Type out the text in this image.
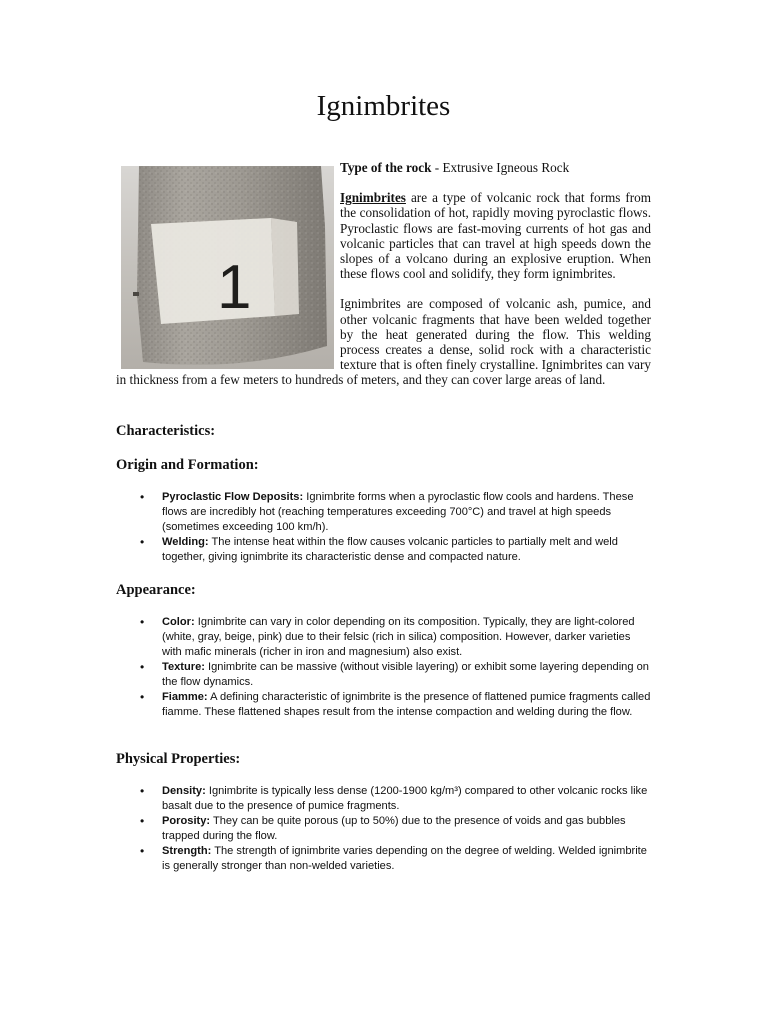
Ignimbrites
1

Type of the rock - Extrusive Igneous Rock

Ignimbrites are a type of volcanic rock that forms from the consolidation of hot, rapidly moving pyroclastic flows. Pyroclastic flows are fast-moving currents of hot gas and volcanic particles that can travel at high speeds down the slopes of a volcano during an explosive eruption. When these flows cool and solidify, they form ignimbrites.

Ignimbrites are composed of volcanic ash, pumice, and other volcanic fragments that have been welded together by the heat generated during the flow. This welding process creates a dense, solid rock with a characteristic texture that is often finely crystalline. Ignimbrites can vary in thickness from a few meters to hundreds of meters, and they can cover large areas of land.

Characteristics:
Origin and Formation:
• Pyroclastic Flow Deposits: Ignimbrite forms when a pyroclastic flow cools and hardens. These flows are incredibly hot (reaching temperatures exceeding 700°C) and travel at high speeds (sometimes exceeding 100 km/h).
• Welding: The intense heat within the flow causes volcanic particles to partially melt and weld together, giving ignimbrite its characteristic dense and compacted nature.
Appearance:
• Color: Ignimbrite can vary in color depending on its composition. Typically, they are light-colored (white, gray, beige, pink) due to their felsic (rich in silica) composition. However, darker varieties with mafic minerals (richer in iron and magnesium) also exist.
• Texture: Ignimbrite can be massive (without visible layering) or exhibit some layering depending on the flow dynamics.
• Fiamme: A defining characteristic of ignimbrite is the presence of flattened pumice fragments called fiamme. These flattened shapes result from the intense compaction and welding during the flow.
Physical Properties:
• Density: Ignimbrite is typically less dense (1200-1900 kg/m³) compared to other volcanic rocks like basalt due to the presence of pumice fragments.
• Porosity: They can be quite porous (up to 50%) due to the presence of voids and gas bubbles trapped during the flow.
• Strength: The strength of ignimbrite varies depending on the degree of welding. Welded ignimbrite is generally stronger than non-welded varieties.
